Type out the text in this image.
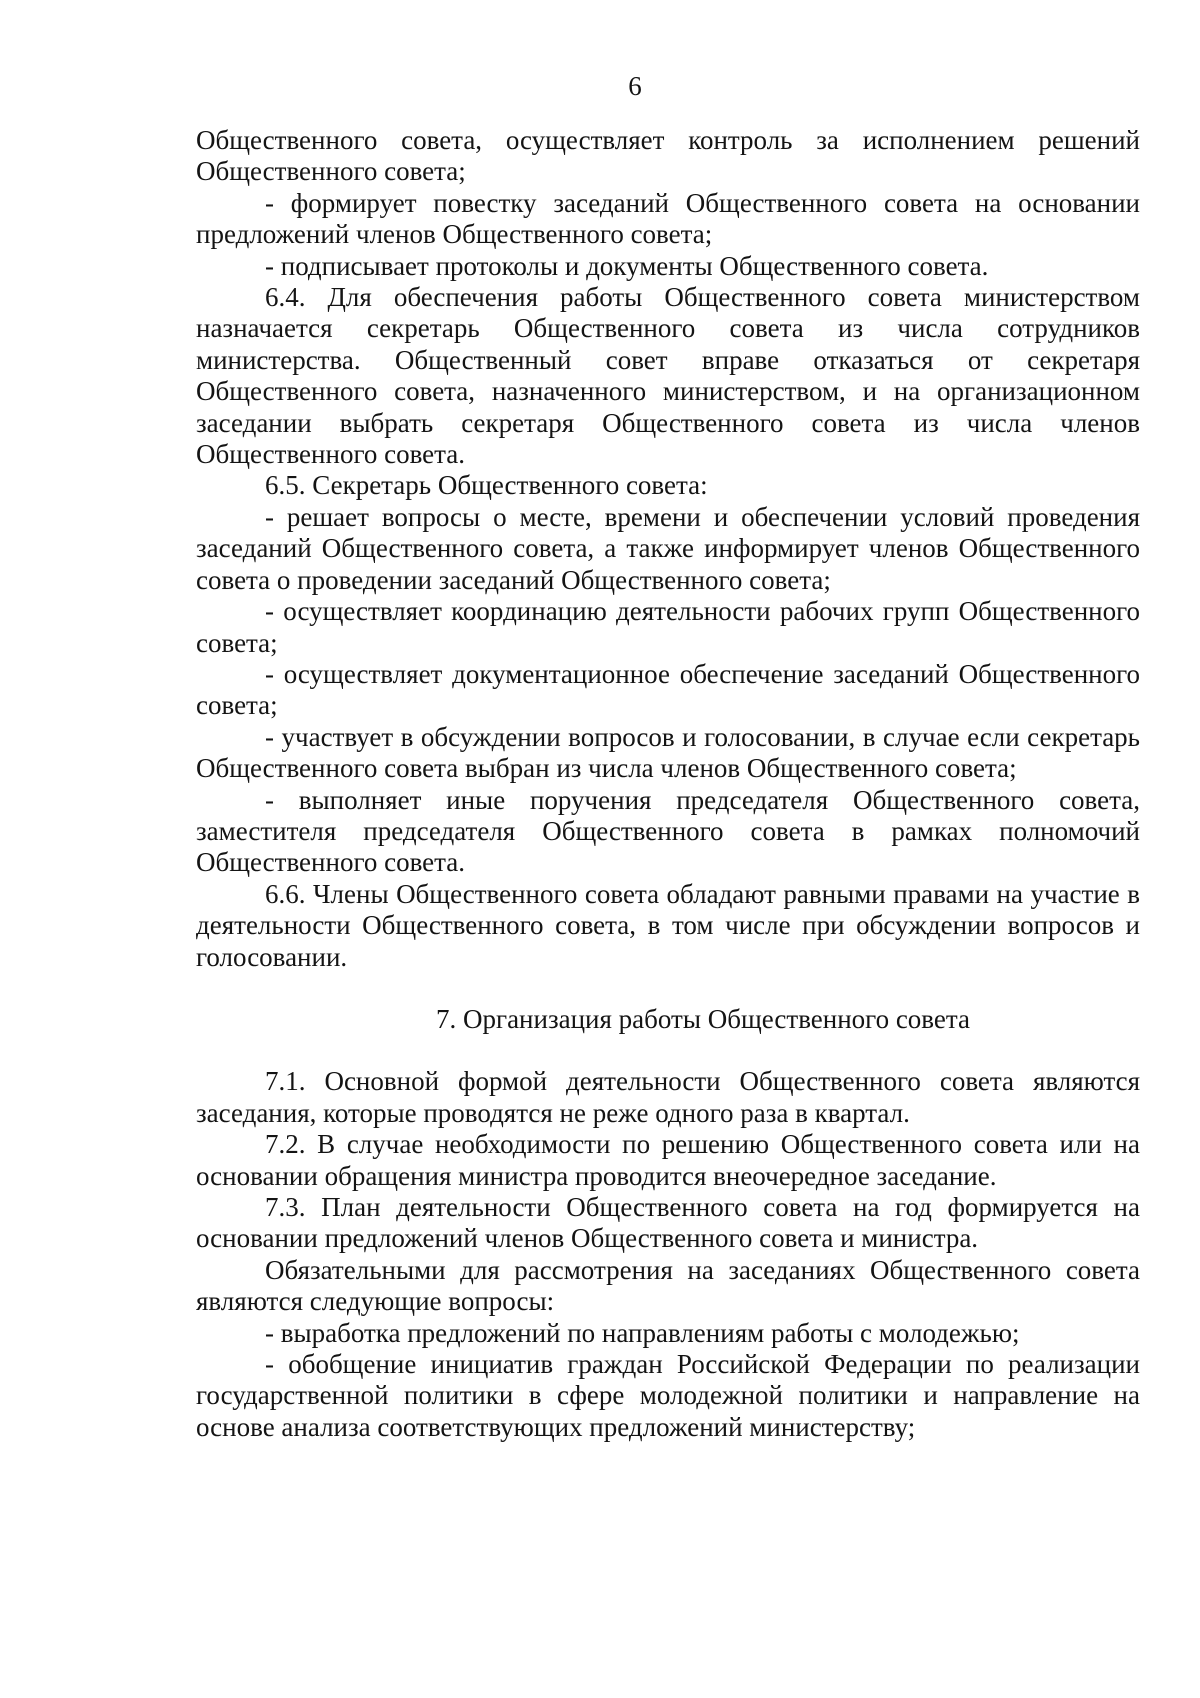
6

Общественного совета, осуществляет контроль за исполнением решений Общественного совета;

- формирует повестку заседаний Общественного совета на основании предложений членов Общественного совета;

- подписывает протоколы и документы Общественного совета.

6.4. Для обеспечения работы Общественного совета министерством назначается секретарь Общественного совета из числа сотрудников министерства. Общественный совет вправе отказаться от секретаря Общественного совета, назначенного министерством, и на организационном заседании выбрать секретаря Общественного совета из числа членов Общественного совета.

6.5. Секретарь Общественного совета:

- решает вопросы о месте, времени и обеспечении условий проведения заседаний Общественного совета, а также информирует членов Общественного совета о проведении заседаний Общественного совета;

- осуществляет координацию деятельности рабочих групп Общественного совета;

- осуществляет документационное обеспечение заседаний Общественного совета;

- участвует в обсуждении вопросов и голосовании, в случае если секретарь Общественного совета выбран из числа членов Общественного совета;

- выполняет иные поручения председателя Общественного совета, заместителя председателя Общественного совета в рамках полномочий Общественного совета.

6.6. Члены Общественного совета обладают равными правами на участие в деятельности Общественного совета, в том числе при обсуждении вопросов и голосовании.

7. Организация работы Общественного совета

7.1. Основной формой деятельности Общественного совета являются заседания, которые проводятся не реже одного раза в квартал.

7.2. В случае необходимости по решению Общественного совета или на основании обращения министра проводится внеочередное заседание.

7.3. План деятельности Общественного совета на год формируется на основании предложений членов Общественного совета и министра.

Обязательными для рассмотрения на заседаниях Общественного совета являются следующие вопросы:

- выработка предложений по направлениям работы с молодежью;

- обобщение инициатив граждан Российской Федерации по реализации государственной политики в сфере молодежной политики и направление на основе анализа соответствующих предложений министерству;
